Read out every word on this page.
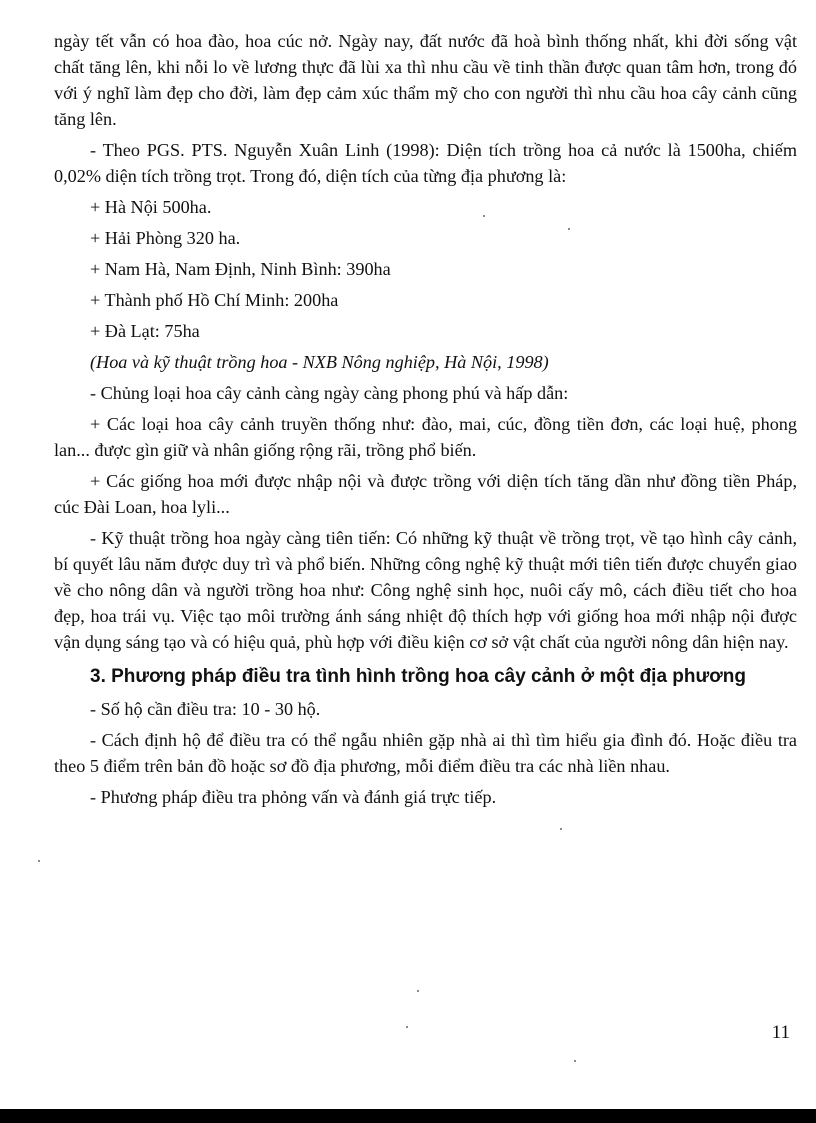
ngày tết vẫn có hoa đào, hoa cúc nở. Ngày nay, đất nước đã hoà bình thống nhất, khi đời sống vật chất tăng lên, khi nỗi lo về lương thực đã lùi xa thì nhu cầu về tinh thần được quan tâm hơn, trong đó với ý nghĩ làm đẹp cho đời, làm đẹp cảm xúc thẩm mỹ cho con người thì nhu cầu hoa cây cảnh cũng tăng lên.

- Theo PGS. PTS. Nguyễn Xuân Linh (1998): Diện tích trồng hoa cả nước là 1500ha, chiếm 0,02% diện tích trồng trọt. Trong đó, diện tích của từng địa phương là:

+ Hà Nội 500ha.

+ Hải Phòng 320 ha.

+ Nam Hà, Nam Định, Ninh Bình: 390ha

+ Thành phố Hồ Chí Minh: 200ha

+ Đà Lạt: 75ha

(Hoa và kỹ thuật trồng hoa - NXB Nông nghiệp, Hà Nội, 1998)

- Chủng loại hoa cây cảnh càng ngày càng phong phú và hấp dẫn:

+ Các loại hoa cây cảnh truyền thống như: đào, mai, cúc, đồng tiền đơn, các loại huệ, phong lan... được gìn giữ và nhân giống rộng rãi, trồng phổ biến.

+ Các giống hoa mới được nhập nội và được trồng với diện tích tăng dần như đồng tiền Pháp, cúc Đài Loan, hoa lyli...

- Kỹ thuật trồng hoa ngày càng tiên tiến: Có những kỹ thuật về trồng trọt, về tạo hình cây cảnh, bí quyết lâu năm được duy trì và phổ biến. Những công nghệ kỹ thuật mới tiên tiến được chuyển giao về cho nông dân và người trồng hoa như: Công nghệ sinh học, nuôi cấy mô, cách điều tiết cho hoa đẹp, hoa trái vụ. Việc tạo môi trường ánh sáng nhiệt độ thích hợp với giống hoa mới nhập nội được vận dụng sáng tạo và có hiệu quả, phù hợp với điều kiện cơ sở vật chất của người nông dân hiện nay.

3. Phương pháp điều tra tình hình trồng hoa cây cảnh ở một địa phương

- Số hộ cần điều tra: 10 - 30 hộ.

- Cách định hộ để điều tra có thể ngẫu nhiên gặp nhà ai thì tìm hiểu gia đình đó. Hoặc điều tra theo 5 điểm trên bản đồ hoặc sơ đồ địa phương, mỗi điểm điều tra các nhà liền nhau.

- Phương pháp điều tra phỏng vấn và đánh giá trực tiếp.

11
